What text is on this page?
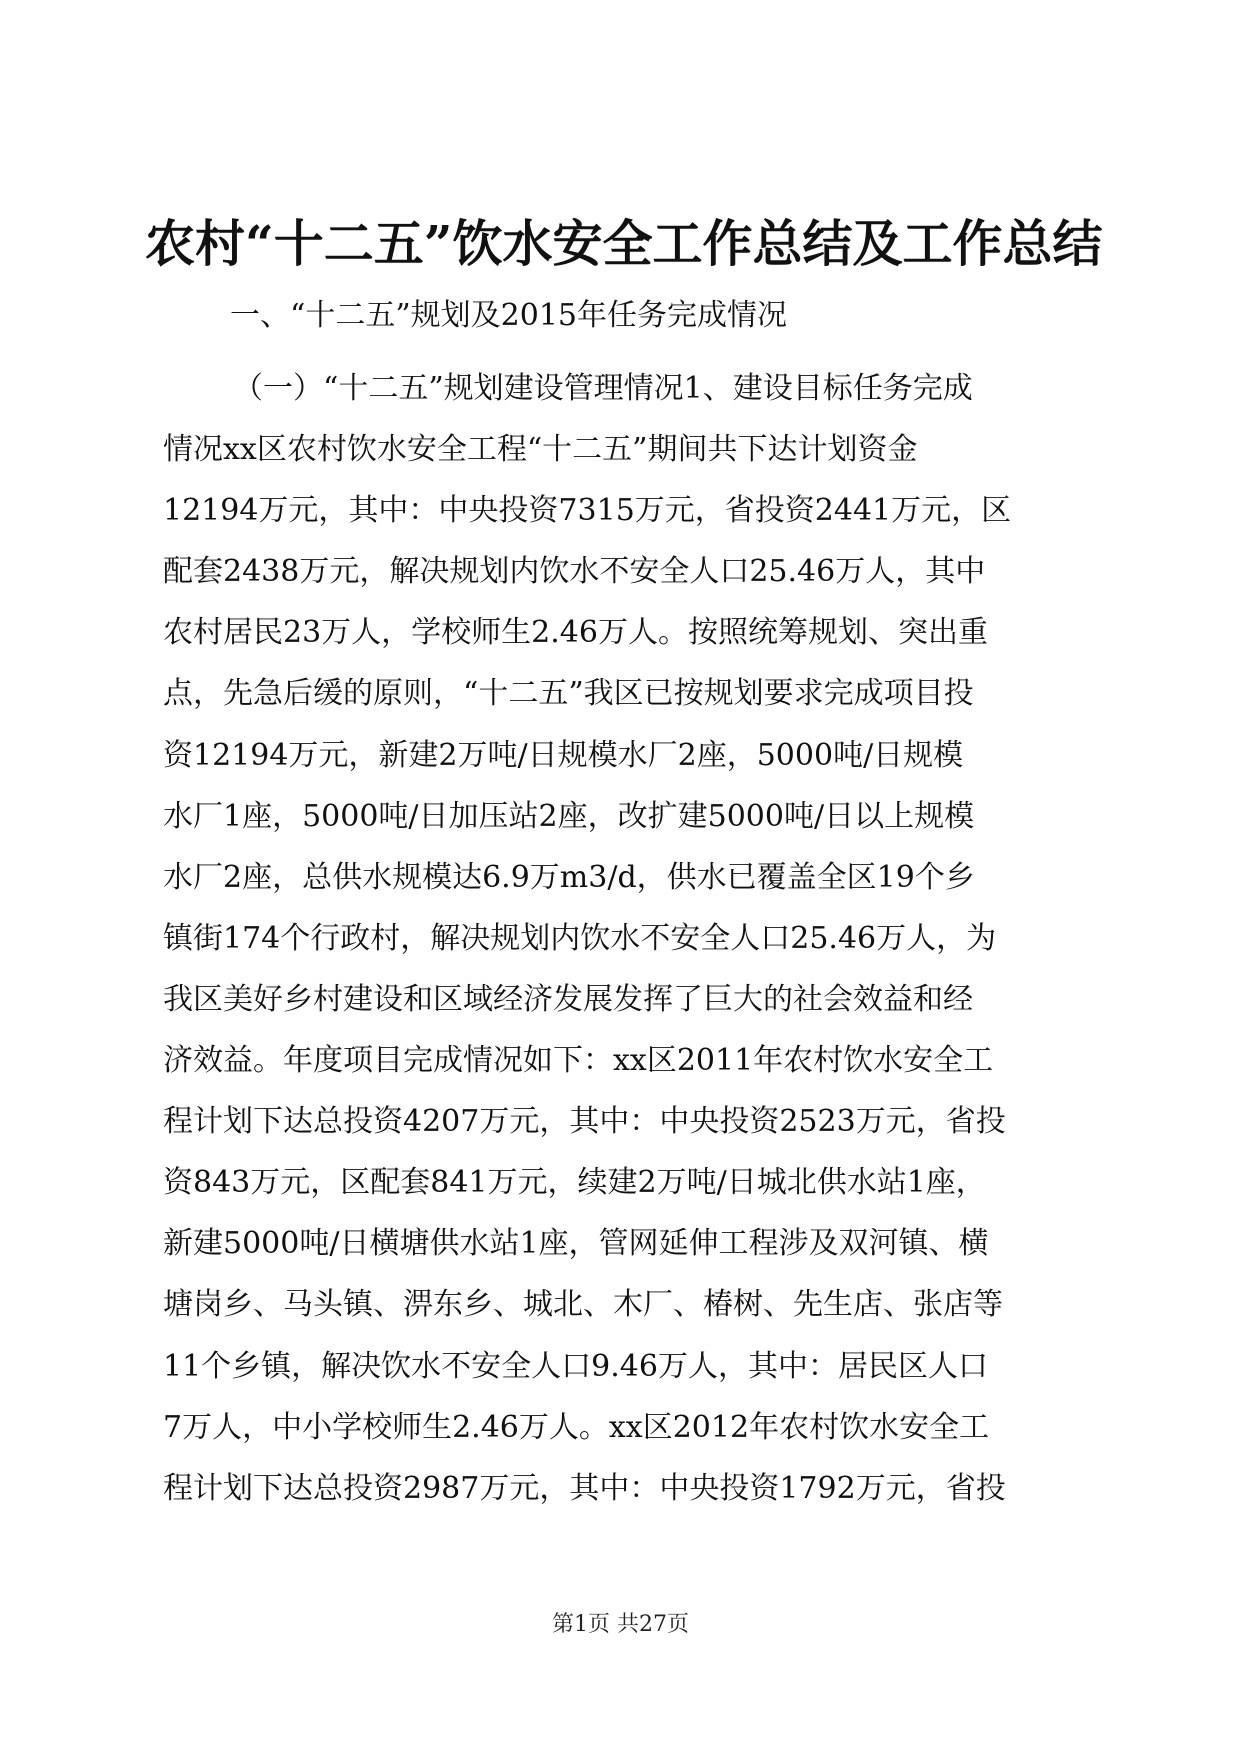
农村“十二五”饮水安全工作总结及工作总结

一、“十二五”规划及2015年任务完成情况

（一）“十二五”规划建设管理情况1、建设目标任务完成
情况xx区农村饮水安全工程“十二五”期间共下达计划资金
12194万元，其中：中央投资7315万元，省投资2441万元，区
配套2438万元，解决规划内饮水不安全人口25.46万人，其中
农村居民23万人，学校师生2.46万人。按照统筹规划、突出重
点，先急后缓的原则，“十二五”我区已按规划要求完成项目投
资12194万元，新建2万吨/日规模水厂2座，5000吨/日规模
水厂1座，5000吨/日加压站2座，改扩建5000吨/日以上规模
水厂2座，总供水规模达6.9万m3/d，供水已覆盖全区19个乡
镇街174个行政村，解决规划内饮水不安全人口25.46万人，为
我区美好乡村建设和区域经济发展发挥了巨大的社会效益和经
济效益。年度项目完成情况如下：xx区2011年农村饮水安全工
程计划下达总投资4207万元，其中：中央投资2523万元，省投
资843万元，区配套841万元，续建2万吨/日城北供水站1座，
新建5000吨/日横塘供水站1座，管网延伸工程涉及双河镇、横
塘岗乡、马头镇、淠东乡、城北、木厂、椿树、先生店、张店等
11个乡镇，解决饮水不安全人口9.46万人，其中：居民区人口
7万人，中小学校师生2.46万人。xx区2012年农村饮水安全工
程计划下达总投资2987万元，其中：中央投资1792万元，省投
第1页 共27页
